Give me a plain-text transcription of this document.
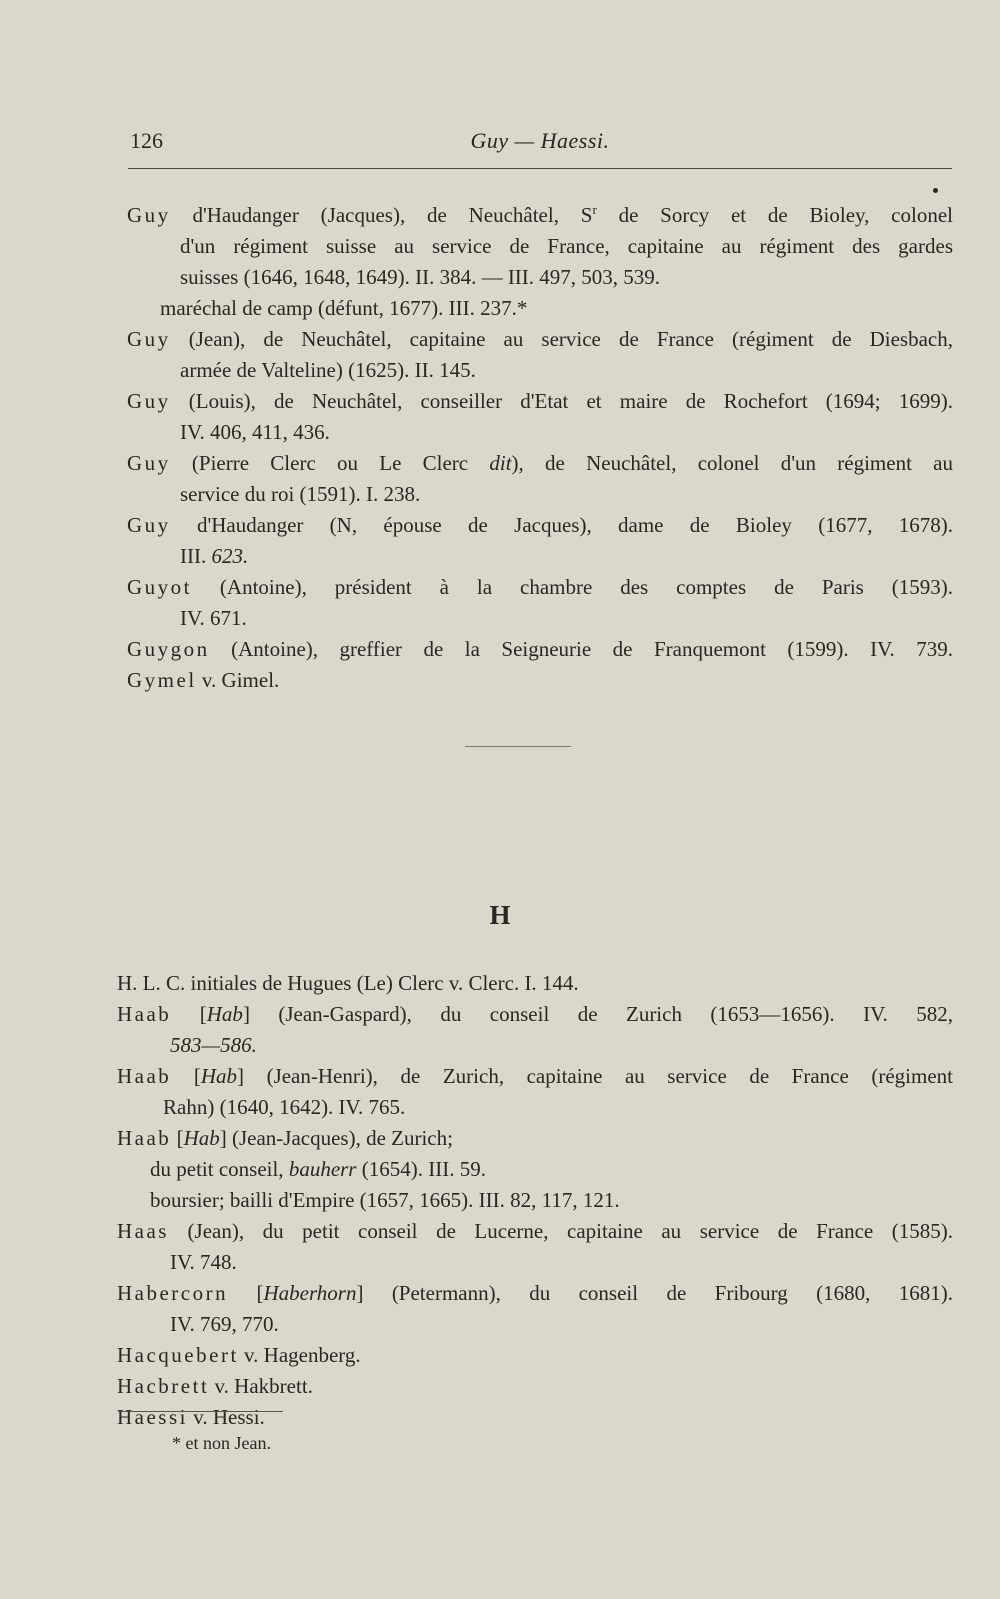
126	Guy — Haessi.
Guy d'Haudanger (Jacques), de Neuchâtel, $S^r$ de Sorcy et de Bioley, colonel
d'un régiment suisse au service de France, capitaine au régiment des gardes
suisses (1646, 1648, 1649). II. 384. — III. 497, 503, 539.
maréchal de camp (défunt, 1677). III. 237.*
Guy (Jean), de Neuchâtel, capitaine au service de France (régiment de Diesbach,
armée de Valteline) (1625). II. 145.
Guy (Louis), de Neuchâtel, conseiller d'Etat et maire de Rochefort (1694; 1699).
IV. 406, 411, 436.
Guy (Pierre Clerc ou Le Clerc dit), de Neuchâtel, colonel d'un régiment au
service du roi (1591). I. 238.
Guy d'Haudanger (N, épouse de Jacques), dame de Bioley (1677, 1678).
III. 623.
Guyot (Antoine), président à la chambre des comptes de Paris (1593).
IV. 671.
Guygon (Antoine), greffier de la Seigneurie de Franquemont (1599). IV. 739.
Gymel v. Gimel.
H
H. L. C. initiales de Hugues (Le) Clerc v. Clerc. I. 144.
Haab [Hab] (Jean-Gaspard), du conseil de Zurich (1653—1656). IV. 582,
583—586.
Haab [Hab] (Jean-Henri), de Zurich, capitaine au service de France (régiment
Rahn) (1640, 1642). IV. 765.
Haab [Hab] (Jean-Jacques), de Zurich;
du petit conseil, bauherr (1654). III. 59.
boursier; bailli d'Empire (1657, 1665). III. 82, 117, 121.
Haas (Jean), du petit conseil de Lucerne, capitaine au service de France (1585).
IV. 748.
Habercorn [Haberhorn] (Petermann), du conseil de Fribourg (1680, 1681).
IV. 769, 770.
Hacquebert v. Hagenberg.
Hacbrett v. Hakbrett.
Haessi v. Hessi.
* et non Jean.
